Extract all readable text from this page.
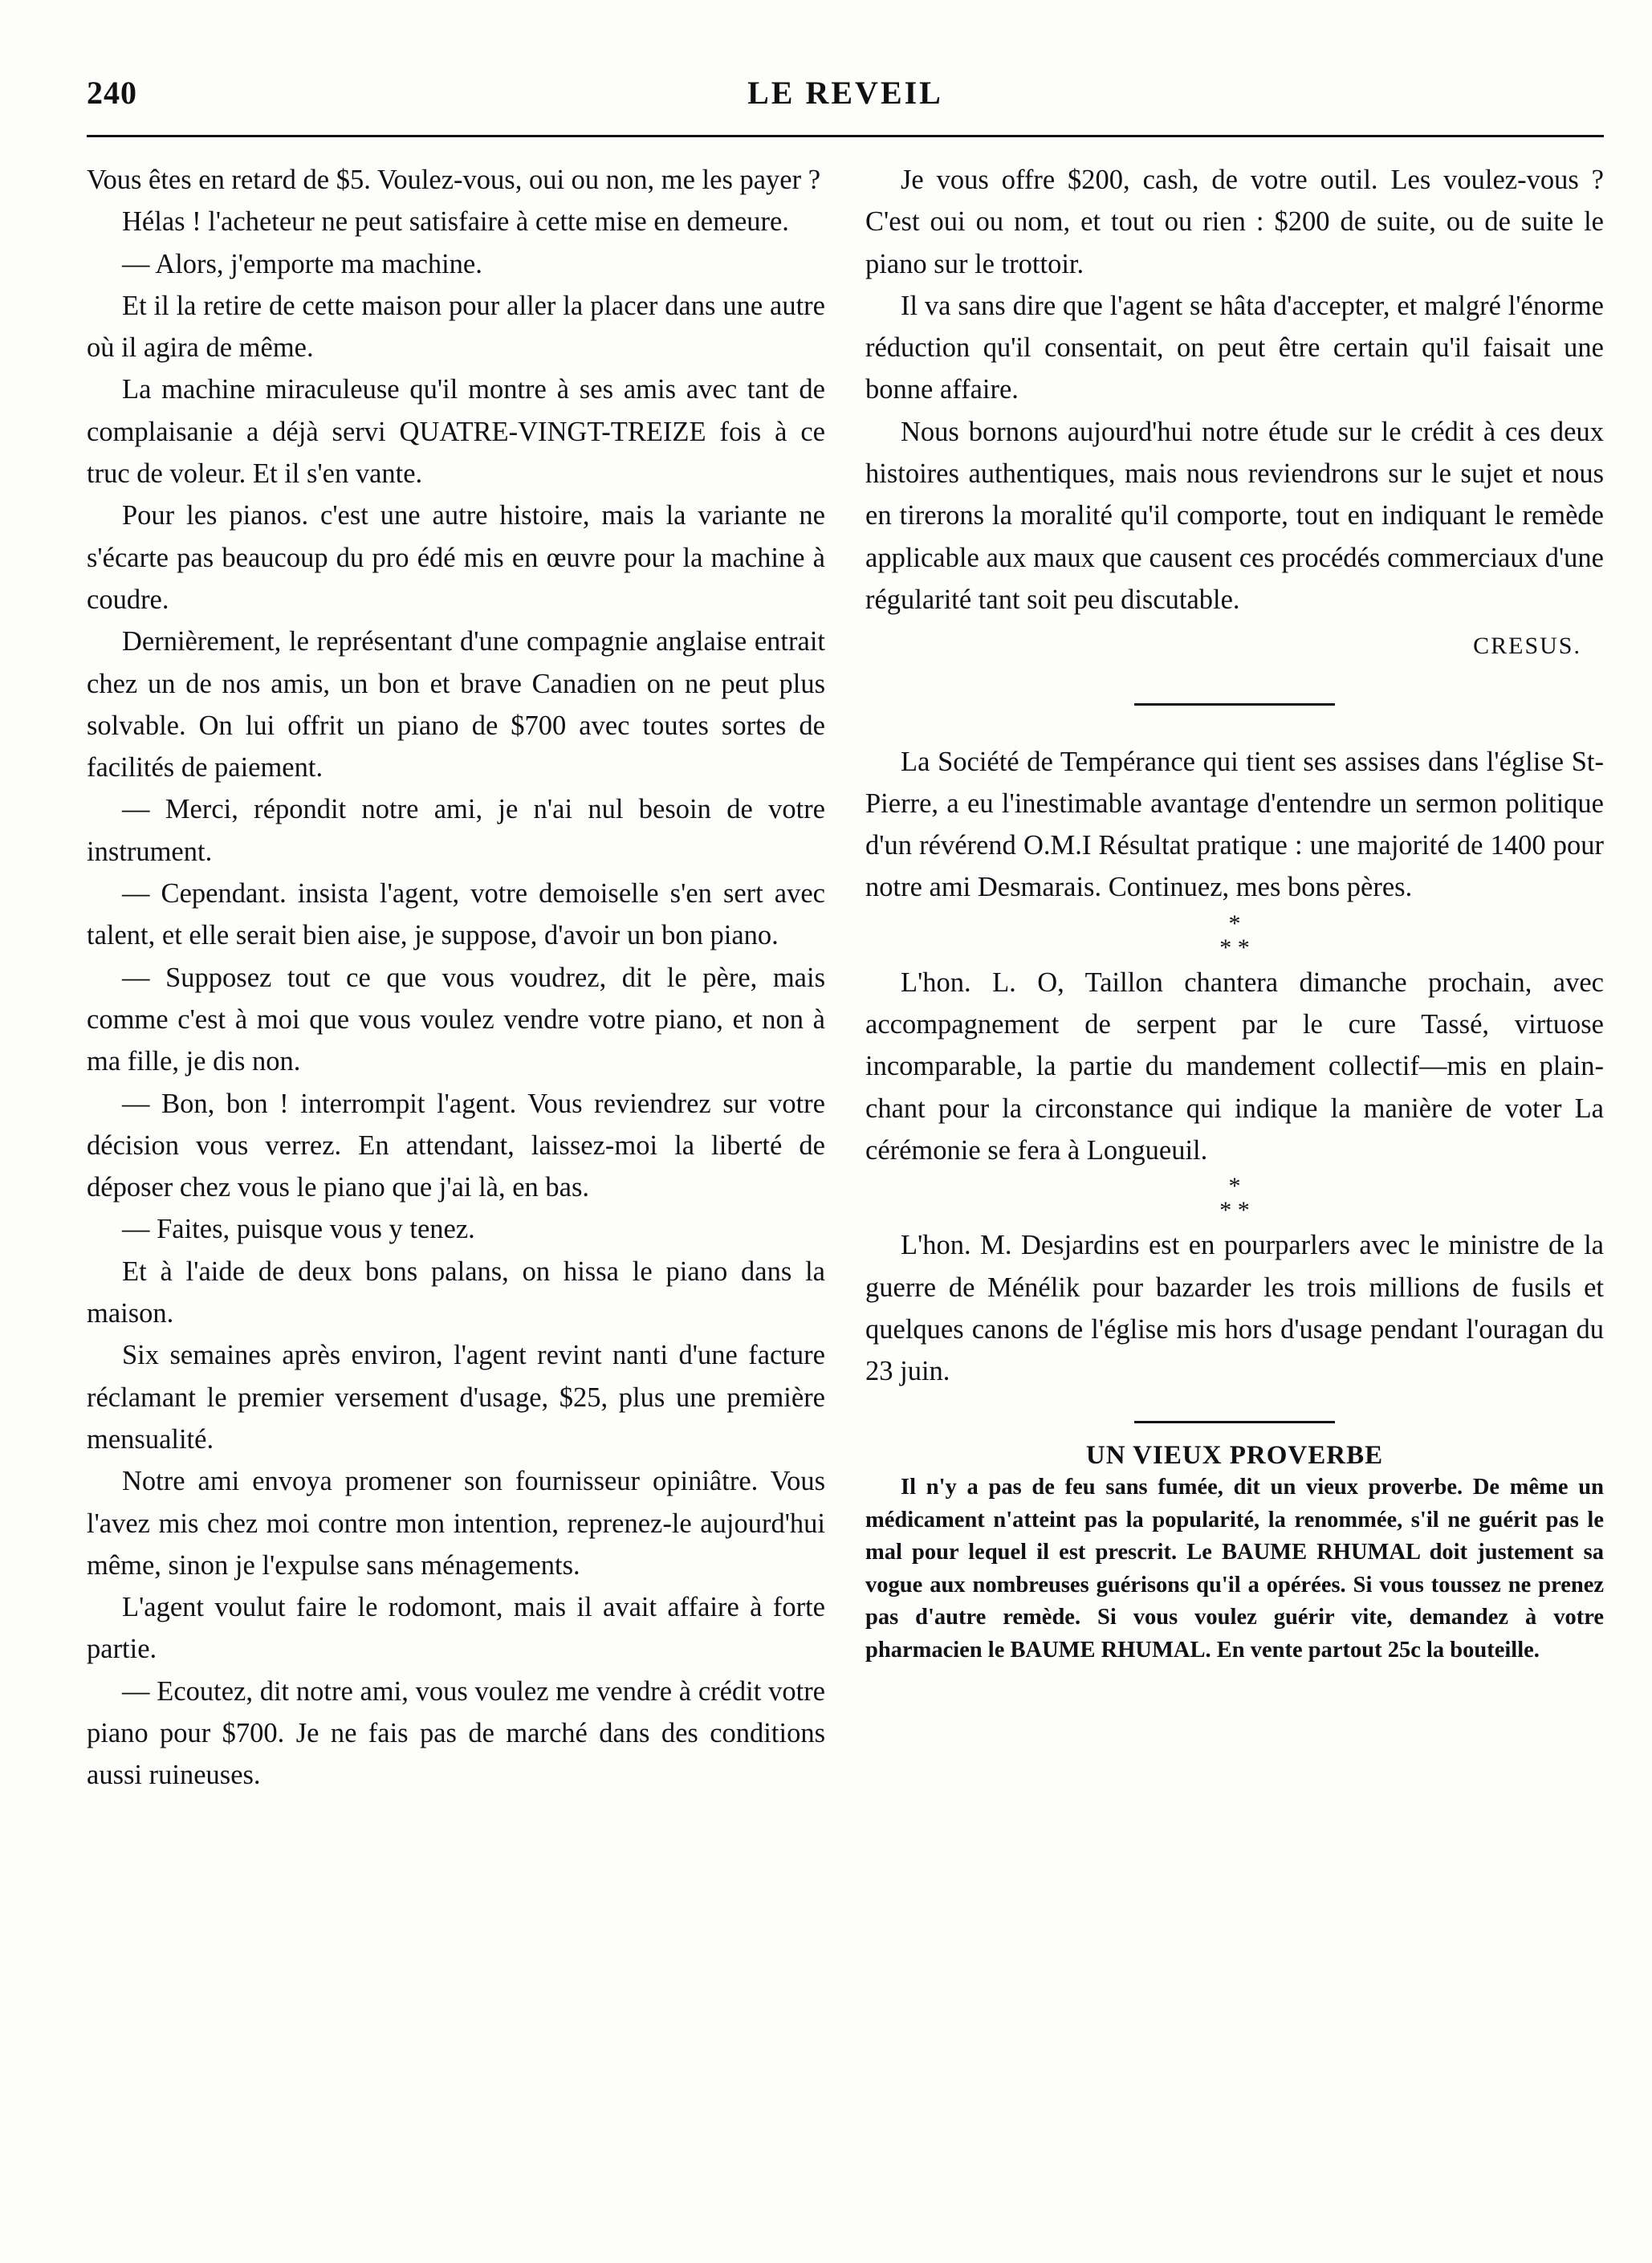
240	LE REVEIL

Vous êtes en retard de $5. Voulez-vous, oui ou non, me les payer ?

Hélas ! l'acheteur ne peut satisfaire à cette mise en demeure.

— Alors, j'emporte ma machine.

Et il la retire de cette maison pour aller la placer dans une autre où il agira de même.

La machine miraculeuse qu'il montre à ses amis avec tant de complaisanie a déjà servi QUATRE-VINGT-TREIZE fois à ce truc de voleur. Et il s'en vante.

Pour les pianos. c'est une autre histoire, mais la variante ne s'écarte pas beaucoup du pro édé mis en œuvre pour la machine à coudre.

Dernièrement, le représentant d'une compagnie anglaise entrait chez un de nos amis, un bon et brave Canadien on ne peut plus solvable. On lui offrit un piano de $700 avec toutes sortes de facilités de paiement.

— Merci, répondit notre ami, je n'ai nul besoin de votre instrument.

— Cependant. insista l'agent, votre demoiselle s'en sert avec talent, et elle serait bien aise, je suppose, d'avoir un bon piano.

— Supposez tout ce que vous voudrez, dit le père, mais comme c'est à moi que vous voulez vendre votre piano, et non à ma fille, je dis non.

— Bon, bon ! interrompit l'agent. Vous reviendrez sur votre décision vous verrez. En attendant, laissez-moi la liberté de déposer chez vous le piano que j'ai là, en bas.

— Faites, puisque vous y tenez.

Et à l'aide de deux bons palans, on hissa le piano dans la maison.

Six semaines après environ, l'agent revint nanti d'une facture réclamant le premier versement d'usage, $25, plus une première mensualité.

Notre ami envoya promener son fournisseur opiniâtre. Vous l'avez mis chez moi contre mon intention, reprenez-le aujourd'hui même, sinon je l'expulse sans ménagements.

L'agent voulut faire le rodomont, mais il avait affaire à forte partie.

— Ecoutez, dit notre ami, vous voulez me vendre à crédit votre piano pour $700. Je ne fais pas de marché dans des conditions aussi ruineuses.

Je vous offre $200, cash, de votre outil. Les voulez-vous ? C'est oui ou nom, et tout ou rien : $200 de suite, ou de suite le piano sur le trottoir.

Il va sans dire que l'agent se hâta d'accepter, et malgré l'énorme réduction qu'il consentait, on peut être certain qu'il faisait une bonne affaire.

Nous bornons aujourd'hui notre étude sur le crédit à ces deux histoires authentiques, mais nous reviendrons sur le sujet et nous en tirerons la moralité qu'il comporte, tout en indiquant le remède applicable aux maux que causent ces procédés commerciaux d'une régularité tant soit peu discutable.

CRESUS.

La Société de Tempérance qui tient ses assises dans l'église St-Pierre, a eu l'inestimable avantage d'entendre un sermon politique d'un révérend O.M.I Résultat pratique : une majorité de 1400 pour notre ami Desmarais. Continuez, mes bons pères.

*
* *

L'hon. L. O, Taillon chantera dimanche prochain, avec accompagnement de serpent par le cure Tassé, virtuose incomparable, la partie du mandement collectif—mis en plain-chant pour la circonstance qui indique la manière de voter La cérémonie se fera à Longueuil.

*
* *

L'hon. M. Desjardins est en pourparlers avec le ministre de la guerre de Ménélik pour bazarder les trois millions de fusils et quelques canons de l'église mis hors d'usage pendant l'ouragan du 23 juin.

UN VIEUX PROVERBE

Il n'y a pas de feu sans fumée, dit un vieux proverbe. De même un médicament n'atteint pas la popularité, la renommée, s'il ne guérit pas le mal pour lequel il est prescrit. Le BAUME RHUMAL doit justement sa vogue aux nombreuses guérisons qu'il a opérées. Si vous toussez ne prenez pas d'autre remède. Si vous voulez guérir vite, demandez à votre pharmacien le BAUME RHUMAL. En vente partout 25c la bouteille.
